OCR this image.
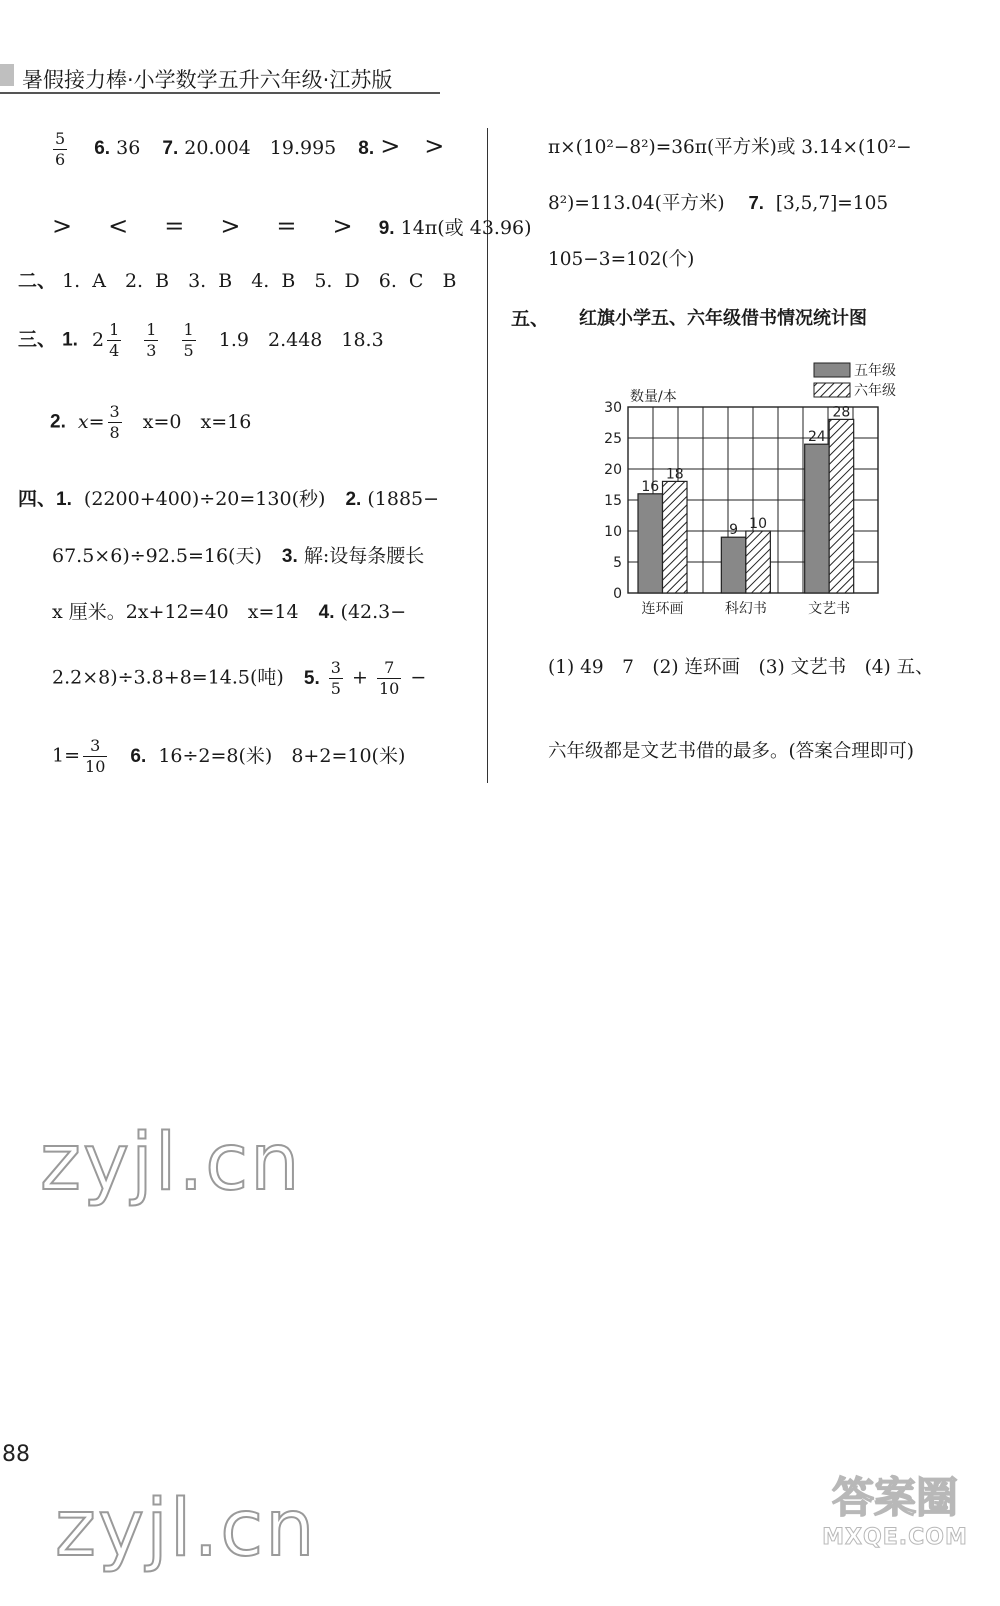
暑假接力棒·小学数学五升六年级·江苏版
$\frac{5}{6} 6$. 36 7. 20.004　19.995 8. >　>
>　<　=　>　=　> 9. 14π(或 43.96)
二、 1. A　2. B　3. B　4. B　5. D　6. C　B
三、 1. $2 \frac{1}{4}$
$\frac{1}{3}$
$\frac{1}{5} 1.9$　2.448　18.3
2. $x= \frac{3}{8} x=0$　x=16
四、1. (2200+400)÷20=130(秒) 2. (1885−
67.5×6)÷92.5=16(天) 3. 解:设每条腰长
x 厘米。2x+12=40　x=14 4. (42.3−
2.2×8)÷3.8+8=14.5(吨) 5. $\frac{3}{5} + \frac{7}{10}$ −
$1= \frac{3}{10} 6$. 16÷2=8(米)　8+2=10(米)
π×(10²−8²)=36π(平方米)或 3.14×(10²−
8²)=113.04(平方米) 7. [3,5,7]=105
105−3=102(个)
五、 红旗小学五、六年级借书情况统计图
0
5
10
15
20
25
30
16
18
连环画
9 10
科幻书
24
28
文艺书
数量/本
五年级
六年级
(1) 49　7　(2) 连环画　(3) 文艺书　(4) 五、
六年级都是文艺书借的最多。(答案合理即可)
zyjl.cn
zyjl.cn
88
答案圈
MXQE.COM
